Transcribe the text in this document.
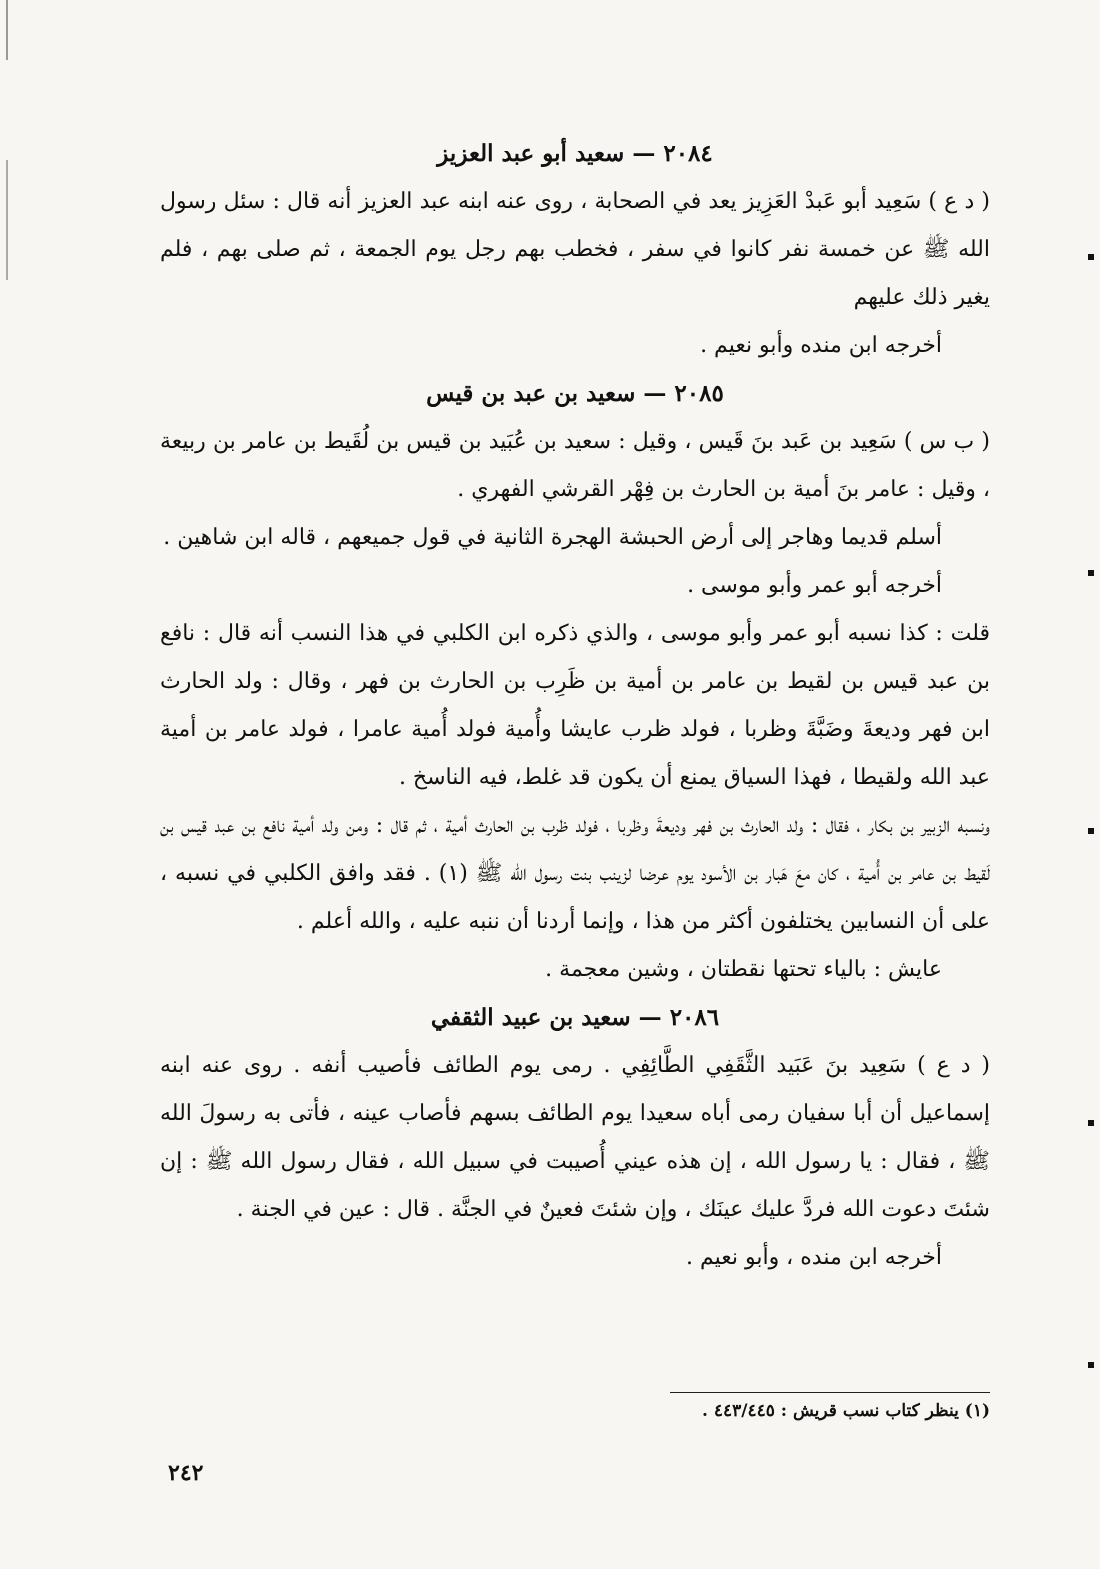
٢٠٨٤ — سعيد أبو عبد العزيز

( د ع ) سَعِيد أبو عَبدْ العَزِيز يعد في الصحابة ، روى عنه ابنه عبد العزيز أنه قال : سئل رسول الله ﷺ عن خمسة نفر كانوا في سفر ، فخطب بهم رجل يوم الجمعة ، ثم صلى بهم ، فلم يغير ذلك عليهم

أخرجه ابن منده وأبو نعيم .

٢٠٨٥ — سعيد بن عبد بن قيس

( ب س ) سَعِيد بن عَبد بنَ قَيس ، وقيل : سعيد بن عُبَيد بن قيس بن لُقَيط بن عامر بن ربيعة ، وقيل : عامر بنَ أمية بن الحارث بن فِهْر القرشي الفهري .

أسلم قديما وهاجر إلى أرض الحبشة الهجرة الثانية في قول جميعهم ، قاله ابن شاهين .

أخرجه أبو عمر وأبو موسى .

قلت : كذا نسبه أبو عمر وأبو موسى ، والذي ذكره ابن الكلبي في هذا النسب أنه قال : نافع بن عبد قيس بن لقيط بن عامر بن أمية بن ظَرِب بن الحارث بن فهر ، وقال : ولد الحارث ابن فهر وديعةَ وضَبَّةَ وظربا ، فولد ظرب عايشا وأُمية فولد أُمية عامرا ، فولد عامر بن أمية عبد الله ولقيطا ، فهذا السياق يمنع أن يكون قد غلط، فيه الناسخ .

ونسبه الزبير بن بكار ، فقال : ولد الحارث بن فهر وديعةَ وظربا ، فولد ظرب بن الحارث أمية ، ثم قال : ومن ولد أمية نافع بن عبد قيس بن لَقيط بن عامر بن أُمية ، كان معَ هَبار بن الأسود يوم عرضا لزينب بنت رسول الله ﷺ (١) . فقد وافق الكلبي في نسبه ، على أن النسابين يختلفون أكثر من هذا ، وإنما أردنا أن ننبه عليه ، والله أعلم .

عايش : بالياء تحتها نقطتان ، وشين معجمة .

٢٠٨٦ — سعيد بن عبيد الثقفي

( د ع ) سَعِيد بنَ عَبَيد الثَّقَفِي الطَّائِفِي . رمى يوم الطائف فأصيب أنفه . روى عنه ابنه إسماعيل أن أبا سفيان رمى أباه سعيدا يوم الطائف بسهم فأصاب عينه ، فأتى به رسولَ الله ﷺ ، فقال : يا رسول الله ، إن هذه عيني أُصيبت في سبيل الله ، فقال رسول الله ﷺ : إن شئتَ دعوت الله فردَّ عليك عينَك ، وإن شئتَ فعينٌ في الجنَّة . قال : عين في الجنة .

أخرجه ابن منده ، وأبو نعيم .

(١) ينظر كتاب نسب قريش : ٤٤٣/٤٤٥ .
٢٤٢
